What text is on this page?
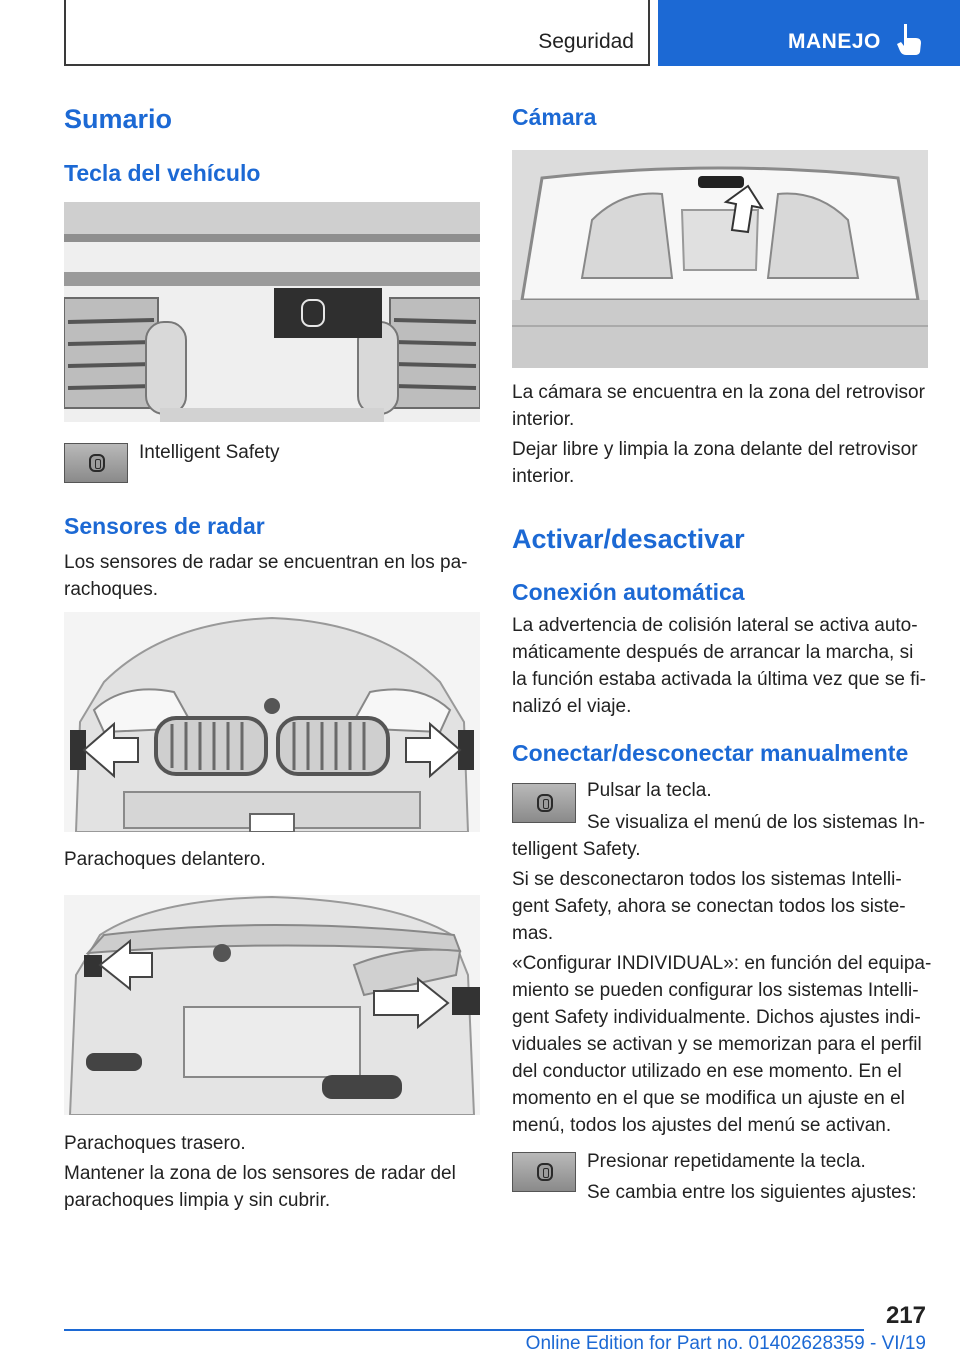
Seguridad	MANEJO
Sumario
Tecla del vehículo
Intelligent Safety
Sensores de radar
Los sensores de radar se encuentran en los pa‐
rachoques.
Parachoques delantero.
Parachoques trasero.
Mantener la zona de los sensores de radar del
parachoques limpia y sin cubrir.
Cámara
La cámara se encuentra en la zona del retrovisor
interior.
Dejar libre y limpia la zona delante del retrovisor
interior.
Activar/desactivar
Conexión automática
La advertencia de colisión lateral se activa auto‐
máticamente después de arrancar la marcha, si
la función estaba activada la última vez que se fi‐
nalizó el viaje.
Conectar/desconectar manualmente
Pulsar la tecla.
Se visualiza el menú de los sistemas In‐
telligent Safety.
Si se desconectaron todos los sistemas Intelli‐
gent Safety, ahora se conectan todos los siste‐
mas.
«Configurar INDIVIDUAL»: en función del equipa‐
miento se pueden configurar los sistemas Intelli‐
gent Safety individualmente. Dichos ajustes indi‐
viduales se activan y se memorizan para el perfil
del conductor utilizado en ese momento. En el
momento en el que se modifica un ajuste en el
menú, todos los ajustes del menú se activan.
Presionar repetidamente la tecla.
Se cambia entre los siguientes ajustes:
217
Online Edition for Part no. 01402628359 - VI/19
